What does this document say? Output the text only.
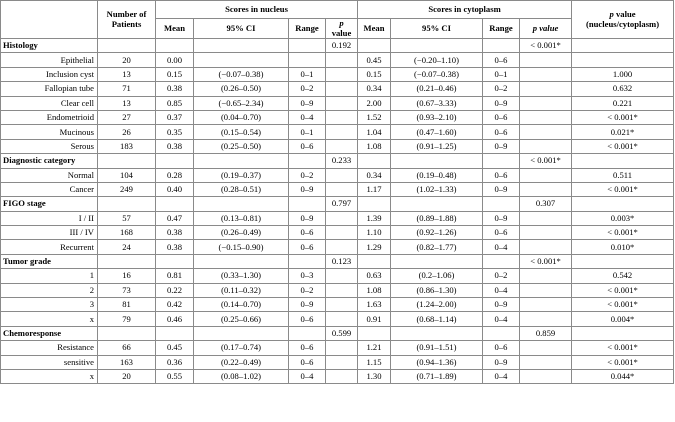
	Number of Patients	Scores in nucleus				Scores in cytoplasm				p value
(nucleus/cytoplasm)
		Mean	95% CI	Range	p
value	Mean	95% CI	Range	p value	
Histology					0.192				< 0.001*	
Epithelial	20	0.00				0.45	(−0.20–1.10)	0–6		
Inclusion cyst	13	0.15	(−0.07–0.38)	0–1		0.15	(−0.07–0.38)	0–1		1.000
Fallopian tube	71	0.38	(0.26–0.50)	0–2		0.34	(0.21–0.46)	0–2		0.632
Clear cell	13	0.85	(−0.65–2.34)	0–9		2.00	(0.67–3.33)	0–9		0.221
Endometrioid	27	0.37	(0.04–0.70)	0–4		1.52	(0.93–2.10)	0–6		< 0.001*
Mucinous	26	0.35	(0.15–0.54)	0–1		1.04	(0.47–1.60)	0–6		0.021*
Serous	183	0.38	(0.25–0.50)	0–6		1.08	(0.91–1.25)	0–9		< 0.001*
Diagnostic category					0.233				< 0.001*	
Normal	104	0.28	(0.19–0.37)	0–2		0.34	(0.19–0.48)	0–6		0.511
Cancer	249	0.40	(0.28–0.51)	0–9		1.17	(1.02–1.33)	0–9		< 0.001*
FIGO stage					0.797				0.307	
I / II	57	0.47	(0.13–0.81)	0–9		1.39	(0.89–1.88)	0–9		0.003*
III / IV	168	0.38	(0.26–0.49)	0–6		1.10	(0.92–1.26)	0–6		< 0.001*
Recurrent	24	0.38	(−0.15–0.90)	0–6		1.29	(0.82–1.77)	0–4		0.010*
Tumor grade					0.123				< 0.001*	
1	16	0.81	(0.33–1.30)	0–3		0.63	(0.2–1.06)	0–2		0.542
2	73	0.22	(0.11–0.32)	0–2		1.08	(0.86–1.30)	0–4		< 0.001*
3	81	0.42	(0.14–0.70)	0–9		1.63	(1.24–2.00)	0–9		< 0.001*
x	79	0.46	(0.25–0.66)	0–6		0.91	(0.68–1.14)	0–4		0.004*
Chemoresponse					0.599				0.859	
Resistance	66	0.45	(0.17–0.74)	0–6		1.21	(0.91–1.51)	0–6		< 0.001*
sensitive	163	0.36	(0.22–0.49)	0–6		1.15	(0.94–1.36)	0–9		< 0.001*
x	20	0.55	(0.08–1.02)	0–4		1.30	(0.71–1.89)	0–4		0.044*
